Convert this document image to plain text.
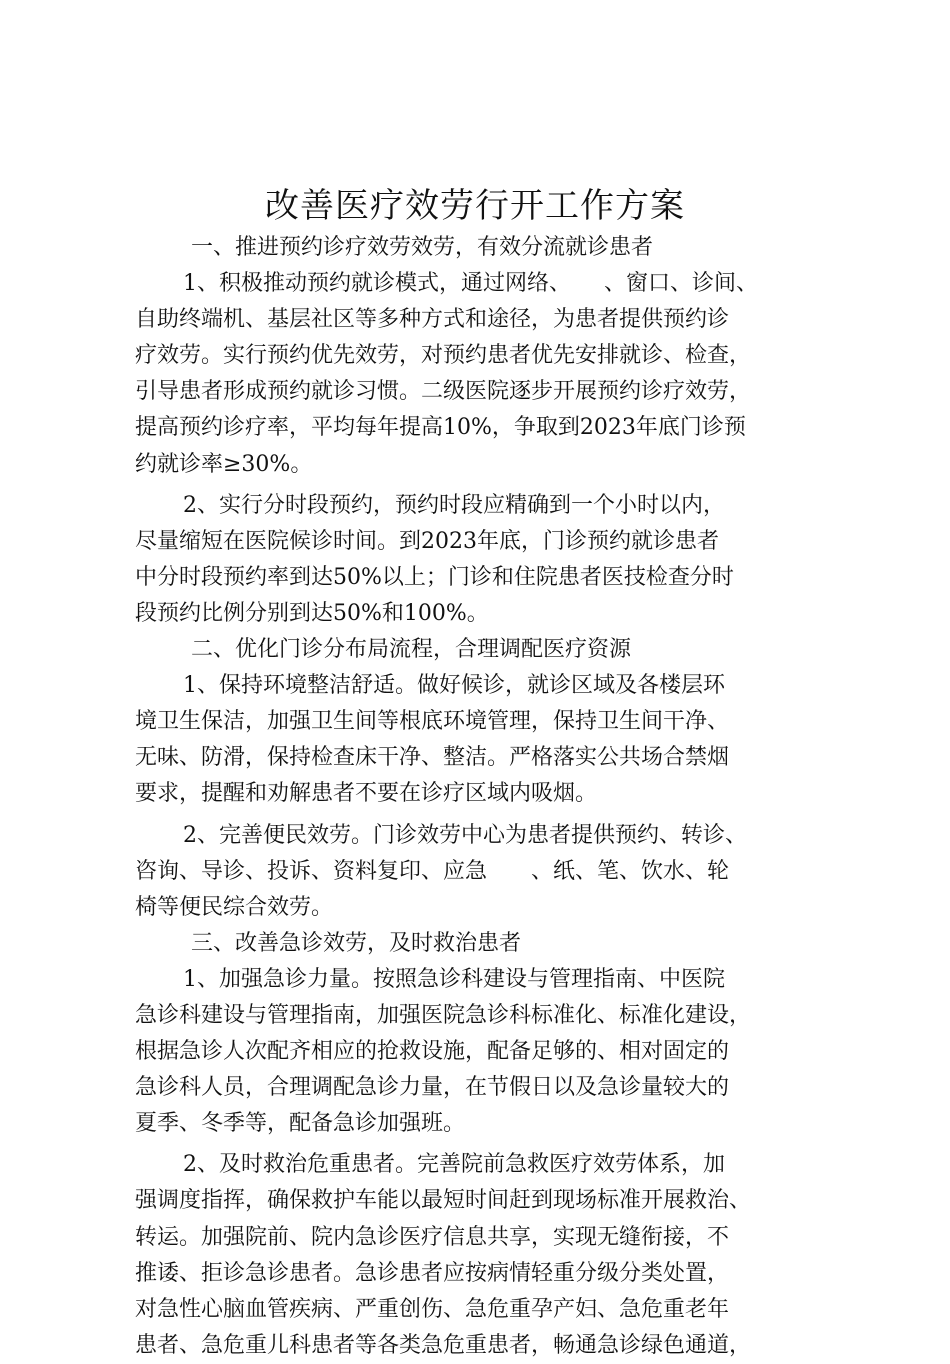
改善医疗效劳行开工作方案
一、推进预约诊疗效劳效劳，有效分流就诊患者
1、积极推动预约就诊模式，通过网络、　　、窗口、诊间、
自助终端机、基层社区等多种方式和途径，为患者提供预约诊
疗效劳。实行预约优先效劳，对预约患者优先安排就诊、检查，
引导患者形成预约就诊习惯。二级医院逐步开展预约诊疗效劳，
提高预约诊疗率，平均每年提高10%，争取到2023年底门诊预
约就诊率≥30%。
2、实行分时段预约，预约时段应精确到一个小时以内，
尽量缩短在医院候诊时间。到2023年底，门诊预约就诊患者
中分时段预约率到达50%以上；门诊和住院患者医技检查分时
段预约比例分别到达50%和100%。
二、优化门诊分布局流程，合理调配医疗资源
1、保持环境整洁舒适。做好候诊，就诊区域及各楼层环
境卫生保洁，加强卫生间等根底环境管理，保持卫生间干净、
无味、防滑，保持检查床干净、整洁。严格落实公共场合禁烟
要求，提醒和劝解患者不要在诊疗区域内吸烟。
2、完善便民效劳。门诊效劳中心为患者提供预约、转诊、
咨询、导诊、投诉、资料复印、应急　　、纸、笔、饮水、轮
椅等便民综合效劳。
三、改善急诊效劳，及时救治患者
1、加强急诊力量。按照急诊科建设与管理指南、中医院
急诊科建设与管理指南，加强医院急诊科标准化、标准化建设，
根据急诊人次配齐相应的抢救设施，配备足够的、相对固定的
急诊科人员，合理调配急诊力量，在节假日以及急诊量较大的
夏季、冬季等，配备急诊加强班。
2、及时救治危重患者。完善院前急救医疗效劳体系，加
强调度指挥，确保救护车能以最短时间赶到现场标准开展救治、
转运。加强院前、院内急诊医疗信息共享，实现无缝衔接，不
推诿、拒诊急诊患者。急诊患者应按病情轻重分级分类处置，
对急性心脑血管疾病、严重创伤、急危重孕产妇、急危重老年
患者、急危重儿科患者等各类急危重患者，畅通急诊绿色通道，
